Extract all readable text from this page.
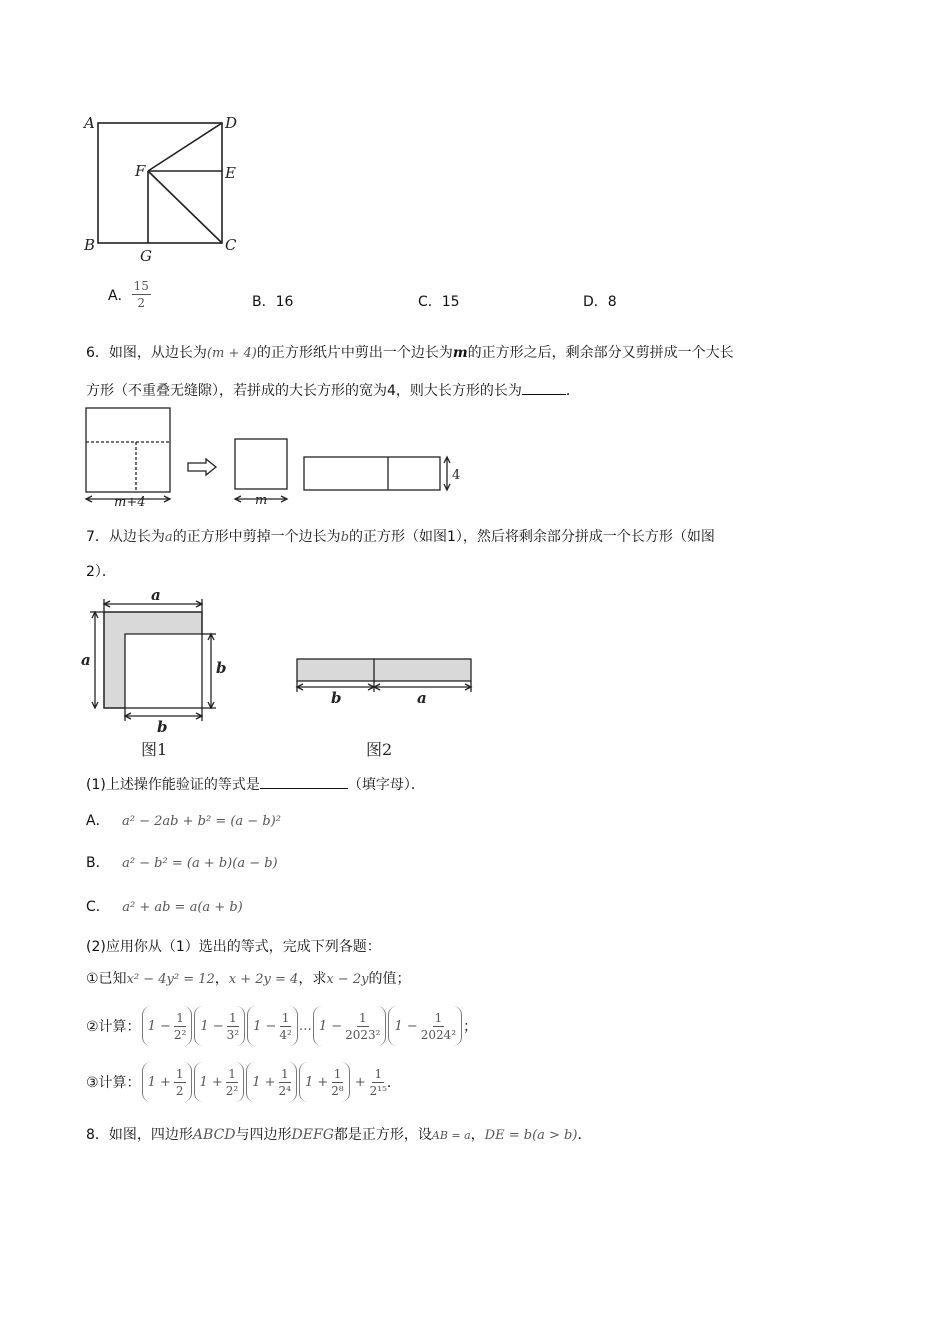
A	D
F	E
B
G
C
A． $\frac{15}{2}$	B．16	C．15	D．8
6．如图，从边长为(m + 4)的正方形纸片中剪出一个边长为m的正方形之后，剩余部分又剪拼成一个大长
方形（不重叠无缝隙），若拼成的大长方形的宽为4，则大长方形的长为	．
m+4	m
4
7．从边长为a的正方形中剪掉一个边长为b的正方形（如图1），然后将剩余部分拼成一个长方形（如图
2）．
a
a	b
b
图1
b	a
图2
(1)上述操作能验证的等式是	（填字母）．
A． a² − 2ab + b² = (a − b)²
B． a² − b² = (a + b)(a − b)
C． a² + ab = a(a + b)
(2)应用你从（1）选出的等式，完成下列各题：
①已知x² − 4y² = 12，x + 2y = 4，求x − 2y的值；
②计算： $1 - \frac{1}{\text{2²}} 1 - \frac{1}{\text{3²}} 1 - \frac{1}{\text{4²}}$ … $1 - \frac{1}{\text{2023²}} 1 - \frac{1}{\text{2024²}}$ ；
③计算： $1 + \frac{1}{2} 1 + \frac{1}{\text{2²}} 1 + \frac{1}{\text{2⁴}} 1 + \frac{1}{\text{2⁸}} + \frac{1}{\text{2¹⁵}}$ ．
8．如图，四边形ABCD与四边形DEFG都是正方形，设AB = a，DE = b(a > b)．
